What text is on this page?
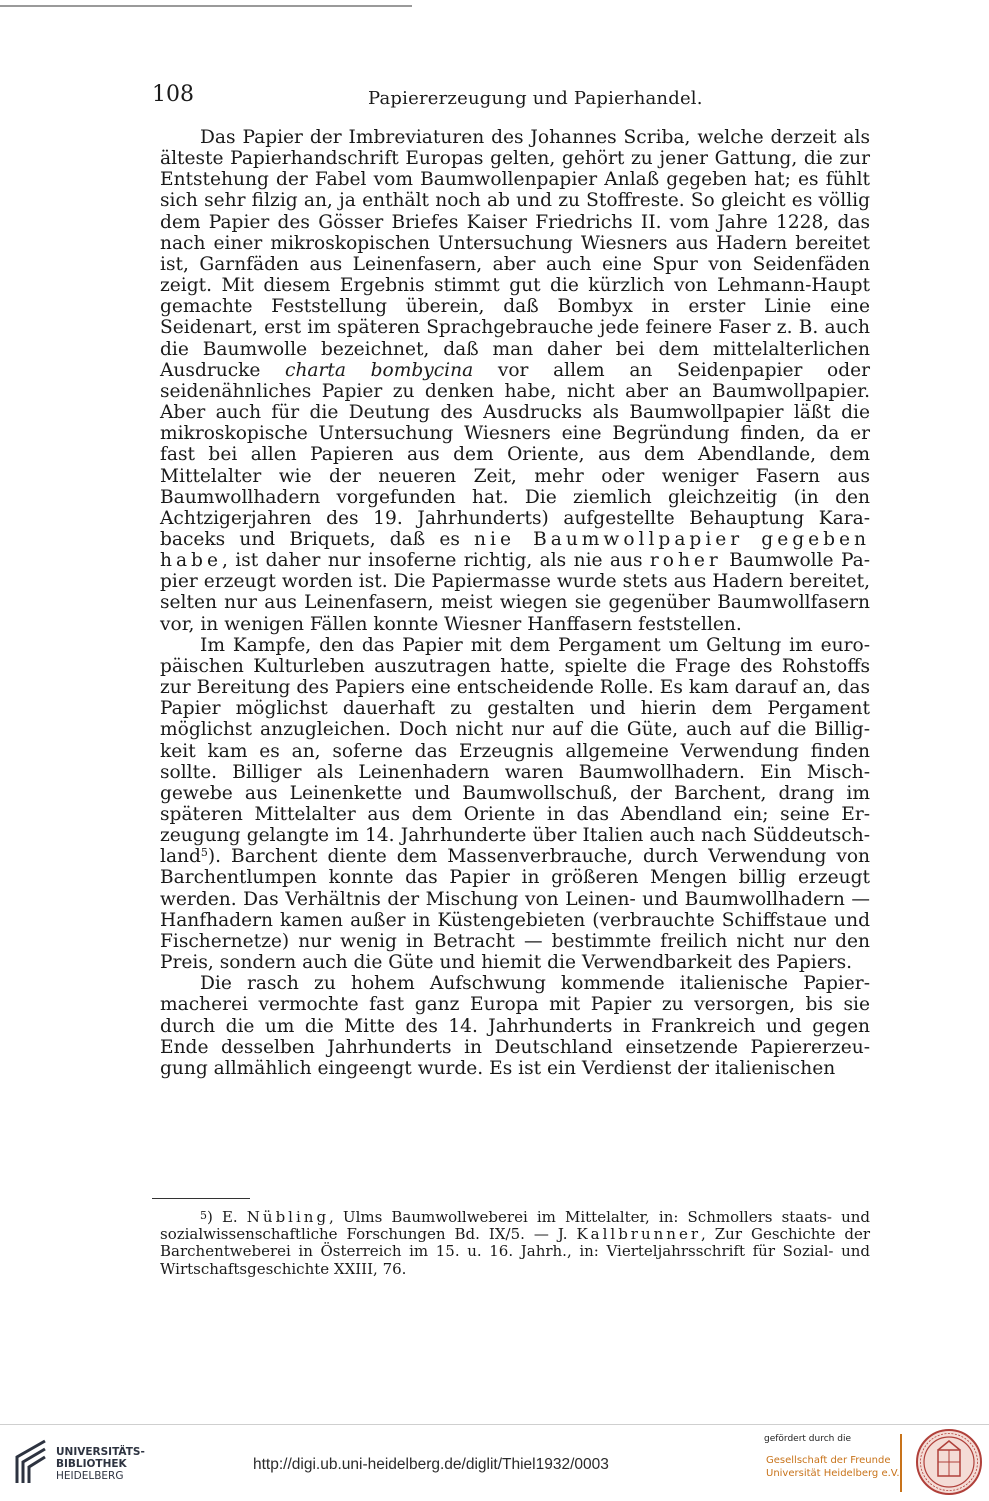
108	Papiererzeugung und Papierhandel.

Das Papier der Imbreviaturen des Johannes Scriba, welche derzeit als älteste Papierhandschrift Europas gelten, gehört zu jener Gattung, die zur Entstehung der Fabel vom Baumwollenpapier Anlaß gegeben hat; es fühlt sich sehr filzig an, ja enthält noch ab und zu Stoffreste. So gleicht es völlig dem Papier des Gösser Briefes Kaiser Friedrichs II. vom Jahre 1228, das nach einer mikroskopischen Untersuchung Wiesners aus Hadern bereitet ist, Garnfäden aus Leinenfasern, aber auch eine Spur von Seidenfäden zeigt. Mit diesem Ergebnis stimmt gut die kürzlich von Lehmann-Haupt gemachte Feststellung überein, daß Bombyx in erster Linie eine Seidenart, erst im späteren Sprachgebrauche jede feinere Faser z. B. auch die Baumwolle bezeichnet, daß man daher bei dem mittelalterlichen Ausdrucke charta bombycina vor allem an Seidenpapier oder seidenähnliches Papier zu denken habe, nicht aber an Baumwollpapier. Aber auch für die Deutung des Ausdrucks als Baumwollpapier läßt die mikroskopische Untersuchung Wiesners eine Begründung finden, da er fast bei allen Papieren aus dem Oriente, aus dem Abendlande, dem Mittelalter wie der neueren Zeit, mehr oder weniger Fasern aus Baumwollhadern vorgefunden hat. Die ziemlich gleichzeitig (in den Achtzigerjahren des 19. Jahrhunderts) aufgestellte Behauptung Karabaceks und Briquets, daß es nie Baumwollpapier gegeben habe, ist daher nur insoferne richtig, als nie aus roher Baumwolle Papier erzeugt worden ist. Die Papiermasse wurde stets aus Hadern bereitet, selten nur aus Leinenfasern, meist wiegen sie gegenüber Baumwollfasern vor, in wenigen Fällen konnte Wiesner Hanffasern feststellen.

Im Kampfe, den das Papier mit dem Pergament um Geltung im europäischen Kulturleben auszutragen hatte, spielte die Frage des Rohstoffs zur Bereitung des Papiers eine entscheidende Rolle. Es kam darauf an, das Papier möglichst dauerhaft zu gestalten und hierin dem Pergament möglichst anzugleichen. Doch nicht nur auf die Güte, auch auf die Billigkeit kam es an, soferne das Erzeugnis allgemeine Verwendung finden sollte. Billiger als Leinenhadern waren Baumwollhadern. Ein Mischgewebe aus Leinenkette und Baumwollschuß, der Barchent, drang im späteren Mittelalter aus dem Oriente in das Abendland ein; seine Erzeugung gelangte im 14. Jahrhunderte über Italien auch nach Süddeutschland$^5$). Barchent diente dem Massenverbrauche, durch Verwendung von Barchentlumpen konnte das Papier in größeren Mengen billig erzeugt werden. Das Verhältnis der Mischung von Leinen- und Baumwollhadern — Hanfhadern kamen außer in Küstengebieten (verbrauchte Schiffstaue und Fischernetze) nur wenig in Betracht — bestimmte freilich nicht nur den Preis, sondern auch die Güte und hiemit die Verwendbarkeit des Papiers.

Die rasch zu hohem Aufschwung kommende italienische Papiermacherei vermochte fast ganz Europa mit Papier zu versorgen, bis sie durch die um die Mitte des 14. Jahrhunderts in Frankreich und gegen Ende desselben Jahrhunderts in Deutschland einsetzende Papiererzeugung allmählich eingeengt wurde. Es ist ein Verdienst der italienischen

$^5$) E. Nübling, Ulms Baumwollweberei im Mittelalter, in: Schmollers staats- und sozialwissenschaftliche Forschungen Bd. IX/5. — J. Kallbrunner, Zur Geschichte der Barchentweberei in Österreich im 15. u. 16. Jahrh., in: Vierteljahrsschrift für Sozial- und Wirtschaftsgeschichte XXIII, 76.
UNIVERSITÄTS-
BIBLIOTHEK
HEIDELBERG
http://digi.ub.uni-heidelberg.de/diglit/Thiel1932/0003
gefördert durch die
Gesellschaft der Freunde
Universität Heidelberg e.V.
